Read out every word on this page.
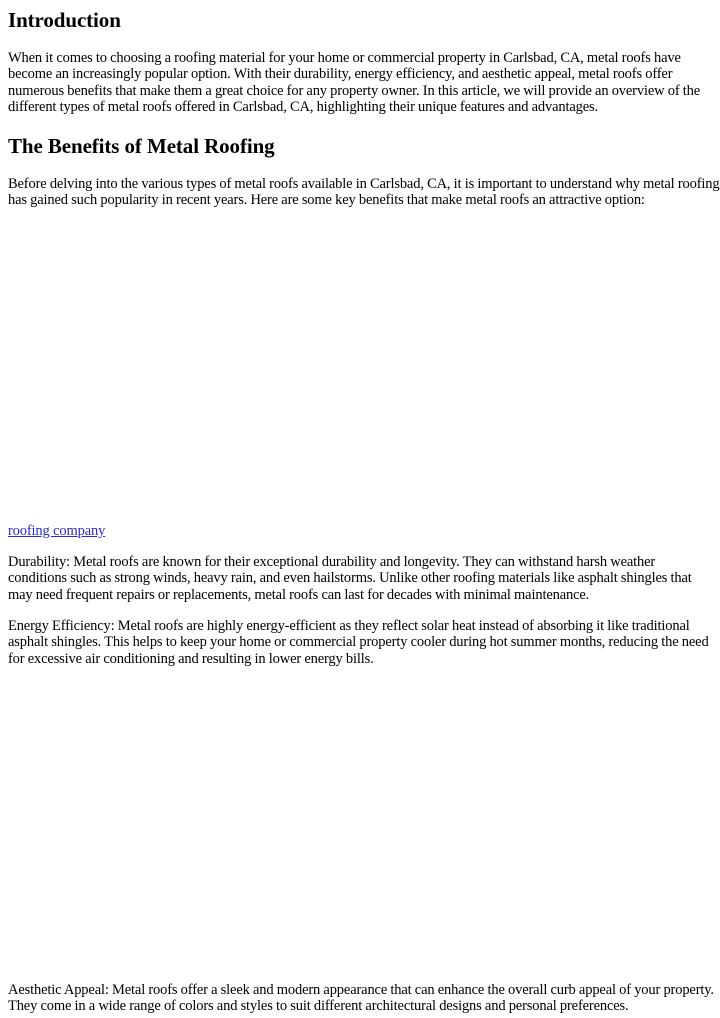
Introduction

When it comes to choosing a roofing material for your home or commercial property in Carlsbad, CA, metal roofs have become an increasingly popular option. With their durability, energy efficiency, and aesthetic appeal, metal roofs offer numerous benefits that make them a great choice for any property owner. In this article, we will provide an overview of the different types of metal roofs offered in Carlsbad, CA, highlighting their unique features and advantages.

The Benefits of Metal Roofing

Before delving into the various types of metal roofs available in Carlsbad, CA, it is important to understand why metal roofing has gained such popularity in recent years. Here are some key benefits that make metal roofs an attractive option:

roofing company

Durability: Metal roofs are known for their exceptional durability and longevity. They can withstand harsh weather conditions such as strong winds, heavy rain, and even hailstorms. Unlike other roofing materials like asphalt shingles that may need frequent repairs or replacements, metal roofs can last for decades with minimal maintenance.

Energy Efficiency: Metal roofs are highly energy-efficient as they reflect solar heat instead of absorbing it like traditional asphalt shingles. This helps to keep your home or commercial property cooler during hot summer months, reducing the need for excessive air conditioning and resulting in lower energy bills.

Aesthetic Appeal: Metal roofs offer a sleek and modern appearance that can enhance the overall curb appeal of your property. They come in a wide range of colors and styles to suit different architectural designs and personal preferences.
